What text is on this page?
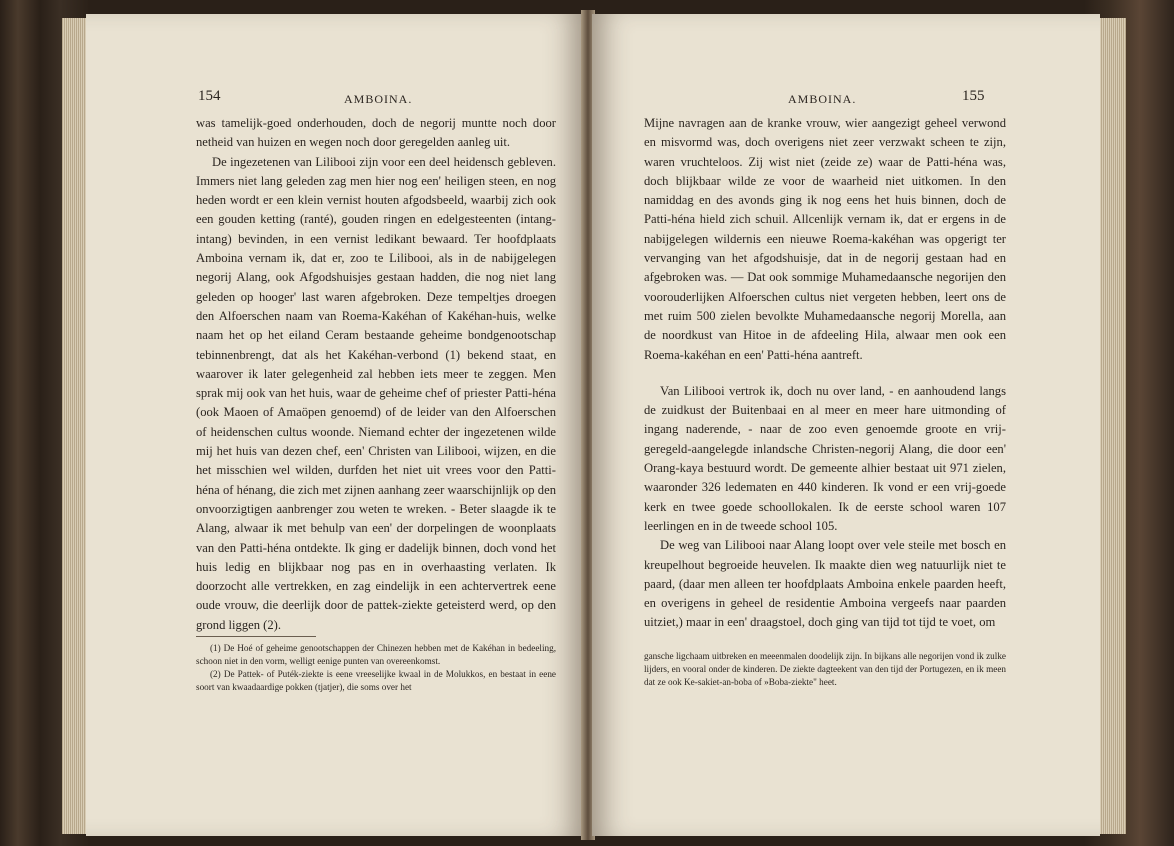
154	AMBOINA.

was tamelijk-goed onderhouden, doch de negorij muntte noch door netheid van huizen en wegen noch door geregelden aanleg uit.

De ingezetenen van Lilibooi zijn voor een deel heidensch gebleven. Immers niet lang geleden zag men hier nog een' heiligen steen, en nog heden wordt er een klein vernist houten afgodsbeeld, waarbij zich ook een gouden ketting (ranté), gouden ringen en edelgesteenten (intang-intang) bevinden, in een vernist ledikant bewaard. Ter hoofdplaats Amboina vernam ik, dat er, zoo te Lilibooi, als in de nabijgelegen negorij Alang, ook Afgodshuisjes gestaan hadden, die nog niet lang geleden op hooger' last waren afgebroken. Deze tempeltjes droegen den Alfoerschen naam van Roema-Kakéhan of Kakéhan-huis, welke naam het op het eiland Ceram bestaande geheime bondgenootschap tebinnenbrengt, dat als het Kakéhan-verbond (1) bekend staat, en waarover ik later gelegenheid zal hebben iets meer te zeggen. Men sprak mij ook van het huis, waar de geheime chef of priester Patti-héna (ook Maoen of Amaöpen genoemd) of de leider van den Alfoerschen of heidenschen cultus woonde. Niemand echter der ingezetenen wilde mij het huis van dezen chef, een' Christen van Lilibooi, wijzen, en die het misschien wel wilden, durfden het niet uit vrees voor den Patti-héna of hénang, die zich met zijnen aanhang zeer waarschijnlijk op den onvoorzigtigen aanbrenger zou weten te wreken. - Beter slaagde ik te Alang, alwaar ik met behulp van een' der dorpelingen de woonplaats van den Patti-héna ontdekte. Ik ging er dadelijk binnen, doch vond het huis ledig en blijkbaar nog pas en in overhaasting verlaten. Ik doorzocht alle vertrekken, en zag eindelijk in een achtervertrek eene oude vrouw, die deerlijk door de pattek-ziekte geteisterd werd, op den grond liggen (2).

(1) De Hoé of geheime genootschappen der Chinezen hebben met de Kakéhan in bedeeling, schoon niet in den vorm, welligt eenige punten van overeenkomst.

(2) De Pattek- of Puték-ziekte is eene vreeselijke kwaal in de Molukkos, en bestaat in eene soort van kwaadaardige pokken (tjatjer), die soms over het

AMBOINA.	155

Mijne navragen aan de kranke vrouw, wier aangezigt geheel verwond en misvormd was, doch overigens niet zeer verzwakt scheen te zijn, waren vruchteloos. Zij wist niet (zeide ze) waar de Patti-héna was, doch blijkbaar wilde ze voor de waarheid niet uitkomen. In den namiddag en des avonds ging ik nog eens het huis binnen, doch de Patti-héna hield zich schuil. Allcenlijk vernam ik, dat er ergens in de nabijgelegen wildernis een nieuwe Roema-kakéhan was opgerigt ter vervanging van het afgodshuisje, dat in de negorij gestaan had en afgebroken was. — Dat ook sommige Muhamedaansche negorijen den voorouderlijken Alfoerschen cultus niet vergeten hebben, leert ons de met ruim 500 zielen bevolkte Muhamedaansche negorij Morella, aan de noordkust van Hitoe in de afdeeling Hila, alwaar men ook een Roema-kakéhan en een' Patti-héna aantreft.

Van Lilibooi vertrok ik, doch nu over land, - en aanhoudend langs de zuidkust der Buitenbaai en al meer en meer hare uitmonding of ingang naderende, - naar de zoo even genoemde groote en vrij-geregeld-aangelegde inlandsche Christen-negorij Alang, die door een' Orang-kaya bestuurd wordt. De gemeente alhier bestaat uit 971 zielen, waaronder 326 ledematen en 440 kinderen. Ik vond er een vrij-goede kerk en twee goede schoollokalen. Ik de eerste school waren 107 leerlingen en in de tweede school 105.

De weg van Lilibooi naar Alang loopt over vele steile met bosch en kreupelhout begroeide heuvelen. Ik maakte dien weg natuurlijk niet te paard, (daar men alleen ter hoofdplaats Amboina enkele paarden heeft, en overigens in geheel de residentie Amboina vergeefs naar paarden uitziet,) maar in een' draagstoel, doch ging van tijd tot tijd te voet, om

gansche ligchaam uitbreken en meeenmalen doodelijk zijn. In bijkans alle negorijen vond ik zulke lijders, en vooral onder de kinderen. De ziekte dagteekent van den tijd der Portugezen, en ik meen dat ze ook Ke-sakiet-an-boba of »Boba-ziekte" heet.
